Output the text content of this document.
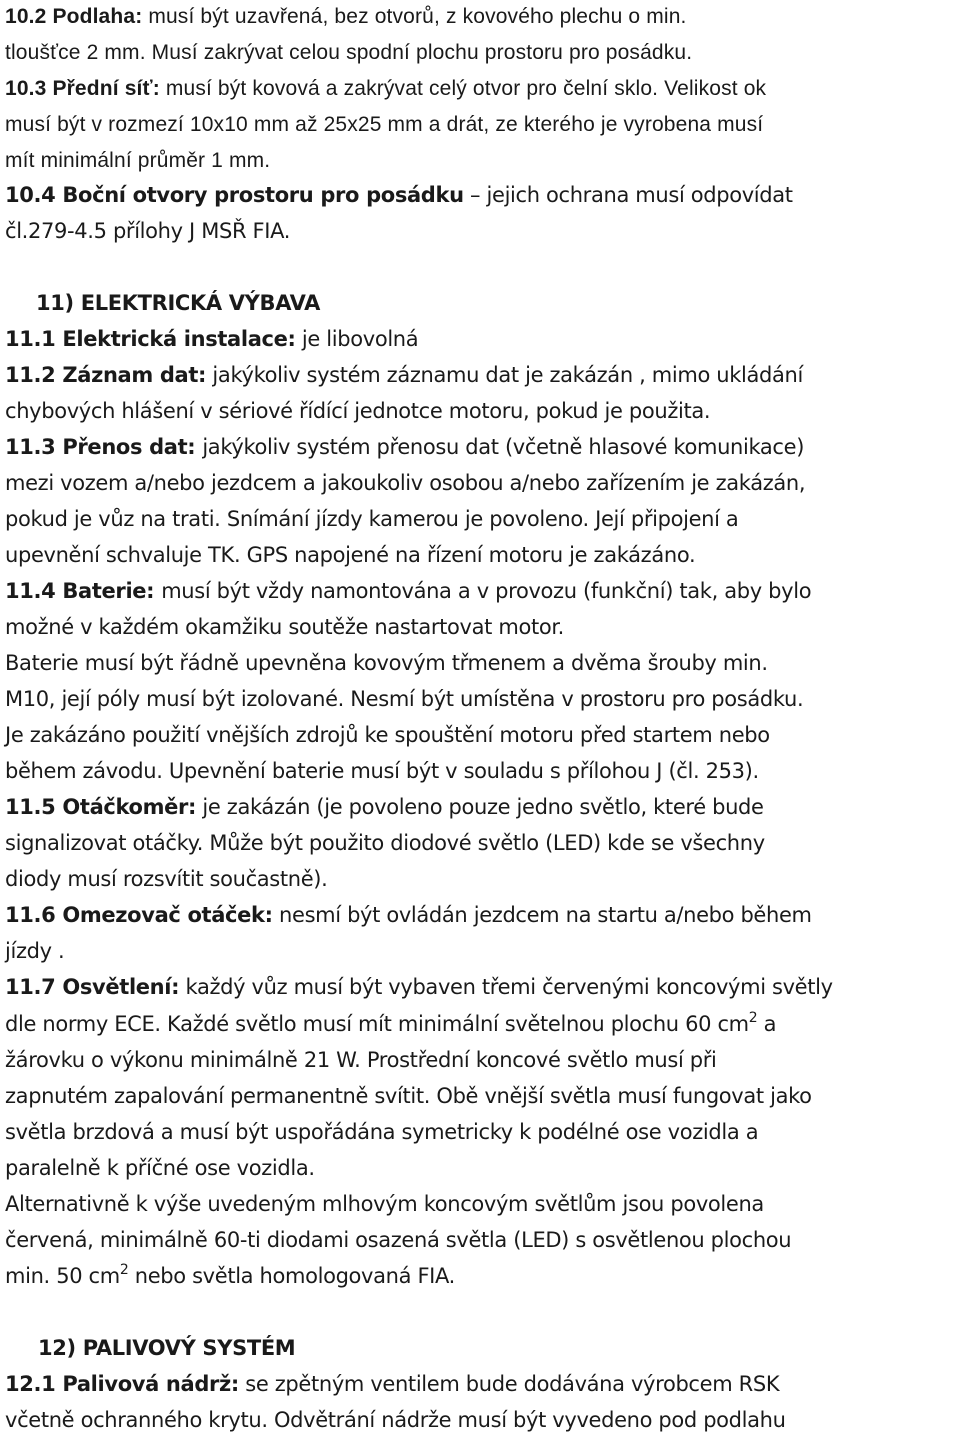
10.2 Podlaha: musí být uzavřená, bez otvorů, z kovového plechu o min.
tloušťce 2 mm. Musí zakrývat celou spodní plochu prostoru pro posádku.
10.3 Přední síť: musí být kovová a zakrývat celý otvor pro čelní sklo. Velikost ok
musí být v rozmezí 10x10 mm až 25x25 mm a drát, ze kterého je vyrobena musí
mít minimální průměr 1 mm.
10.4 Boční otvory prostoru pro posádku – jejich ochrana musí odpovídat
čl.279-4.5 přílohy J MSŘ FIA.
11) ELEKTRICKÁ VÝBAVA
11.1 Elektrická instalace: je libovolná
11.2 Záznam dat: jakýkoliv systém záznamu dat je zakázán , mimo ukládání
chybových hlášení v sériové řídící jednotce motoru, pokud je použita.
11.3 Přenos dat: jakýkoliv systém přenosu dat (včetně hlasové komunikace)
mezi vozem a/nebo jezdcem a jakoukoliv osobou a/nebo zařízením je zakázán,
pokud je vůz na trati. Snímání jízdy kamerou je povoleno. Její připojení a
upevnění schvaluje TK. GPS napojené na řízení motoru je zakázáno.
11.4 Baterie: musí být vždy namontována a v provozu (funkční) tak, aby bylo
možné v každém okamžiku soutěže nastartovat motor.
Baterie musí být řádně upevněna kovovým třmenem a dvěma šrouby min.
M10, její póly musí být izolované. Nesmí být umístěna v prostoru pro posádku.
Je zakázáno použití vnějších zdrojů ke spouštění motoru před startem nebo
během závodu. Upevnění baterie musí být v souladu s přílohou J (čl. 253).
11.5 Otáčkoměr: je zakázán (je povoleno pouze jedno světlo, které bude
signalizovat otáčky. Může být použito diodové světlo (LED) kde se všechny
diody musí rozsvítit součastně).
11.6 Omezovač otáček: nesmí být ovládán jezdcem na startu a/nebo během
jízdy .
11.7 Osvětlení: každý vůz musí být vybaven třemi červenými koncovými světly
dle normy ECE. Každé světlo musí mít minimální světelnou plochu 60 $cm^2$ a
žárovku o výkonu minimálně 21 W. Prostřední koncové světlo musí při
zapnutém zapalování permanentně svítit. Obě vnější světla musí fungovat jako
světla brzdová a musí být uspořádána symetricky k podélné ose vozidla a
paralelně k příčné ose vozidla.
Alternativně k výše uvedeným mlhovým koncovým světlům jsou povolena
červená, minimálně 60-ti diodami osazená světla (LED) s osvětlenou plochou
min. 50 $cm^2$ nebo světla homologovaná FIA.
12) PALIVOVÝ SYSTÉM
12.1 Palivová nádrž: se zpětným ventilem bude dodávána výrobcem RSK
včetně ochranného krytu. Odvětrání nádrže musí být vyvedeno pod podlahu
